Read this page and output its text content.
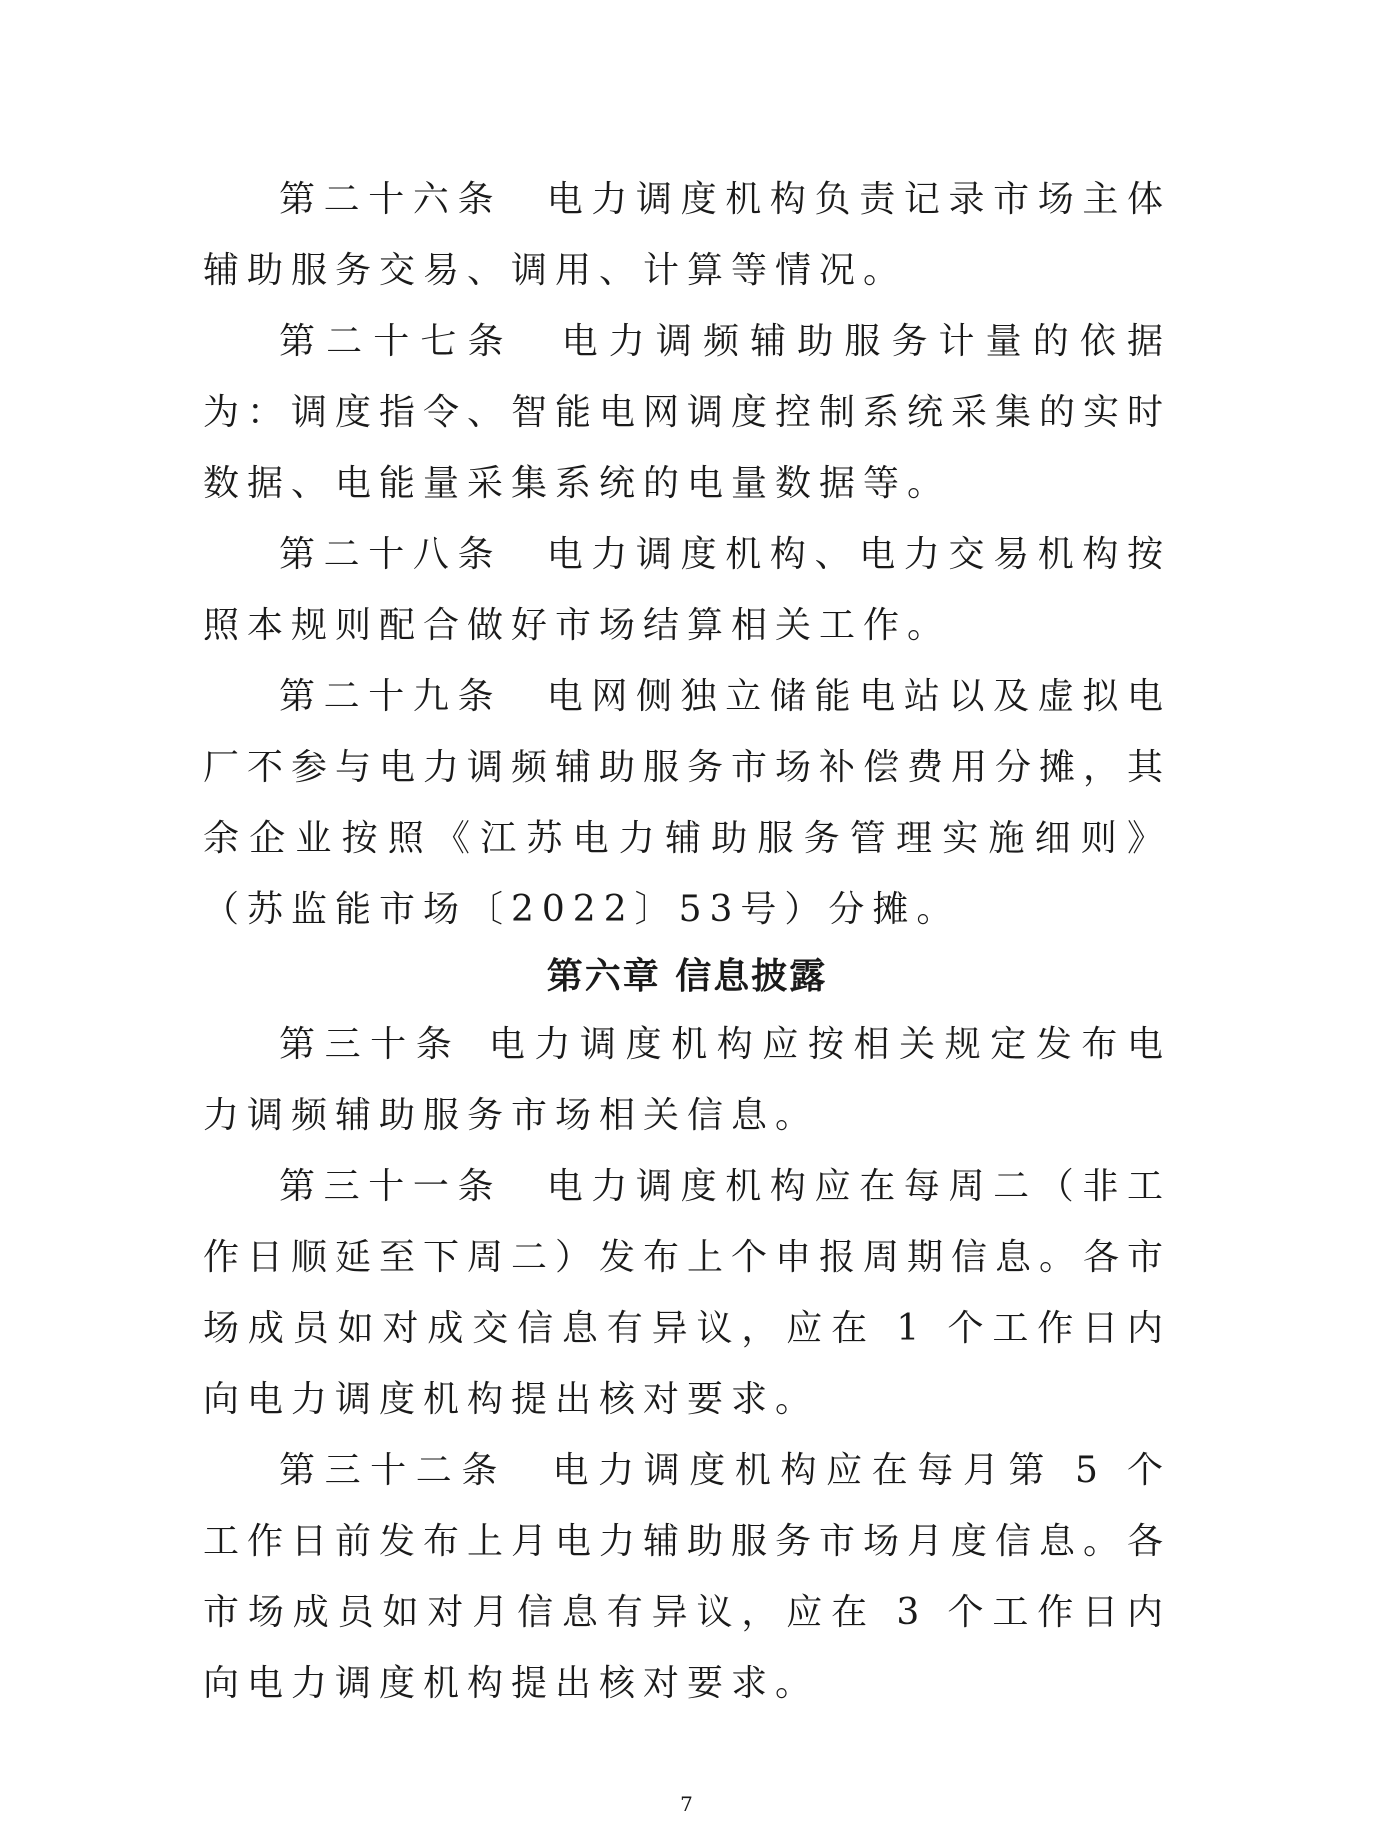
第二十六条  电力调度机构负责记录市场主体辅助服务交易、调用、计算等情况。

第二十七条  电力调频辅助服务计量的依据为：调度指令、智能电网调度控制系统采集的实时数据、电能量采集系统的电量数据等。

第二十八条  电力调度机构、电力交易机构按照本规则配合做好市场结算相关工作。

第二十九条  电网侧独立储能电站以及虚拟电厂不参与电力调频辅助服务市场补偿费用分摊，其余企业按照《江苏电力辅助服务管理实施细则》（苏监能市场〔2022〕53号）分摊。

第六章 信息披露

第三十条  电力调度机构应按相关规定发布电力调频辅助服务市场相关信息。

第三十一条  电力调度机构应在每周二（非工作日顺延至下周二）发布上个申报周期信息。各市场成员如对成交信息有异议，应在 1 个工作日内向电力调度机构提出核对要求。

第三十二条  电力调度机构应在每月第 5 个工作日前发布上月电力辅助服务市场月度信息。各市场成员如对月信息有异议，应在 3 个工作日内向电力调度机构提出核对要求。

7
